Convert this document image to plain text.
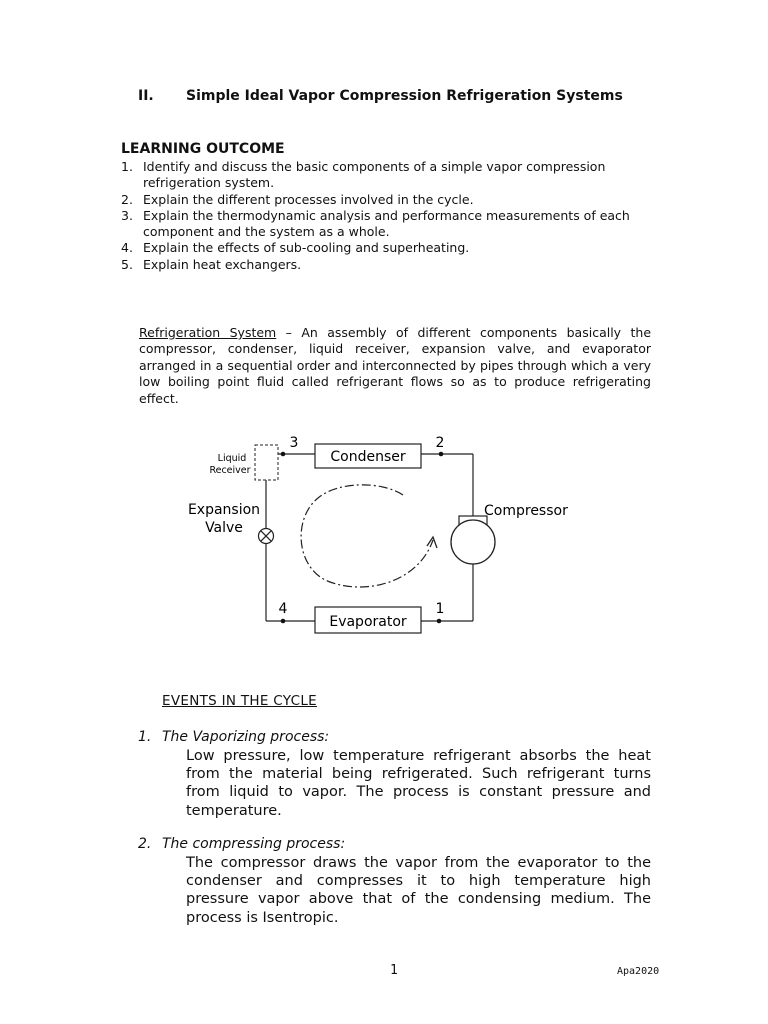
II. Simple Ideal Vapor Compression Refrigeration Systems
LEARNING OUTCOME
1. Identify and discuss the basic components of a simple vapor compression refrigeration system.
2. Explain the different processes involved in the cycle.
3. Explain the thermodynamic analysis and performance measurements of each component and the system as a whole.
4. Explain the effects of sub-cooling and superheating.
5. Explain heat exchangers.

Refrigeration System – An assembly of different components basically the compressor, condenser, liquid receiver, expansion valve, and evaporator arranged in a sequential order and interconnected by pipes through which a very low boiling point fluid called refrigerant flows so as to produce refrigerating effect.

Condenser
Evaporator
Liquid
Receiver
Expansion
Valve
Compressor
3	2
4	1
EVENTS IN THE CYCLE
1. The Vaporizing process:
Low pressure, low temperature refrigerant absorbs the heat from the material being refrigerated. Such refrigerant turns from liquid to vapor. The process is constant pressure and temperature.
2. The compressing process:
The compressor draws the vapor from the evaporator to the condenser and compresses it to high temperature high pressure vapor above that of the condensing medium. The process is Isentropic.
1	Apa2020
